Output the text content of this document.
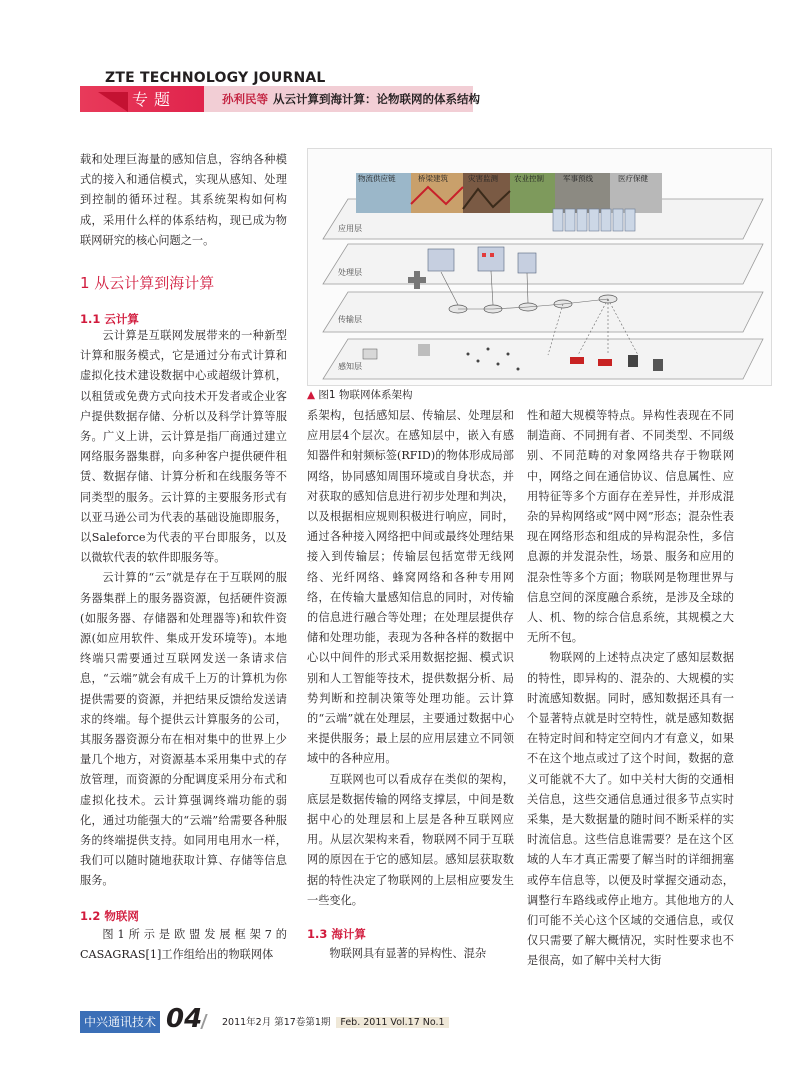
ZTE TECHNOLOGY JOURNAL
专题	孙利民等 从云计算到海计算：论物联网的体系结构

载和处理巨海量的感知信息，容纳各种模式的接入和通信模式，实现从感知、处理到控制的循环过程。其系统架构如何构成，采用什么样的体系结构，现已成为物联网研究的核心问题之一。

1 从云计算到海计算
1.1 云计算

云计算是互联网发展带来的一种新型计算和服务模式，它是通过分布式计算和虚拟化技术建设数据中心或超级计算机，以租赁或免费方式向技术开发者或企业客户提供数据存储、分析以及科学计算等服务。广义上讲，云计算是指厂商通过建立网络服务器集群，向多种客户提供硬件租赁、数据存储、计算分析和在线服务等不同类型的服务。云计算的主要服务形式有以亚马逊公司为代表的基础设施即服务，以Saleforce为代表的平台即服务，以及以微软代表的软件即服务等。

云计算的“云”就是存在于互联网的服务器集群上的服务器资源，包括硬件资源(如服务器、存储器和处理器等)和软件资源(如应用软件、集成开发环境等)。本地终端只需要通过互联网发送一条请求信息，“云端”就会有成千上万的计算机为你提供需要的资源，并把结果反馈给发送请求的终端。每个提供云计算服务的公司，其服务器资源分布在相对集中的世界上少量几个地方，对资源基本采用集中式的存放管理，而资源的分配调度采用分布式和虚拟化技术。云计算强调终端功能的弱化，通过功能强大的“云端”给需要各种服务的终端提供支持。如同用电用水一样，我们可以随时随地获取计算、存储等信息服务。

1.2 物联网

图1所示是欧盟发展框架7的CASAGRAS[1]工作组给出的物联网体

应用层
处理层
传输层
感知层
物流供应链	桥梁建筑	灾害监测 农业控制	军事预线	医疗保健
▲ 图1 物联网体系架构

系架构，包括感知层、传输层、处理层和应用层4个层次。在感知层中，嵌入有感知器件和射频标签(RFID)的物体形成局部网络，协同感知周围环境或自身状态，并对获取的感知信息进行初步处理和判决，以及根据相应规则积极进行响应，同时，通过各种接入网络把中间或最终处理结果接入到传输层；传输层包括宽带无线网络、光纤网络、蜂窝网络和各种专用网络，在传输大量感知信息的同时，对传输的信息进行融合等处理；在处理层提供存储和处理功能，表现为各种各样的数据中心以中间件的形式采用数据挖掘、模式识别和人工智能等技术，提供数据分析、局势判断和控制决策等处理功能。云计算的“云端”就在处理层，主要通过数据中心来提供服务；最上层的应用层建立不同领域中的各种应用。

互联网也可以看成存在类似的架构，底层是数据传输的网络支撑层，中间是数据中心的处理层和上层是各种互联网应用。从层次架构来看，物联网不同于互联网的原因在于它的感知层。感知层获取数据的特性决定了物联网的上层相应要发生一些变化。

1.3 海计算

物联网具有显著的异构性、混杂

性和超大规模等特点。异构性表现在不同制造商、不同拥有者、不同类型、不同级别、不同范畴的对象网络共存于物联网中，网络之间在通信协议、信息属性、应用特征等多个方面存在差异性，并形成混杂的异构网络或“网中网”形态；混杂性表现在网络形态和组成的异构混杂性，多信息源的并发混杂性，场景、服务和应用的混杂性等多个方面；物联网是物理世界与信息空间的深度融合系统，是涉及全球的人、机、物的综合信息系统，其规模之大无所不包。

物联网的上述特点决定了感知层数据的特性，即异构的、混杂的、大规模的实时流感知数据。同时，感知数据还具有一个显著特点就是时空特性，就是感知数据在特定时间和特定空间内才有意义，如果不在这个地点或过了这个时间，数据的意义可能就不大了。如中关村大街的交通相关信息，这些交通信息通过很多节点实时采集，是大数据量的随时间不断采样的实时流信息。这些信息谁需要？是在这个区域的人车才真正需要了解当时的详细拥塞或停车信息等，以便及时掌握交通动态，调整行车路线或停止地方。其他地方的人们可能不关心这个区域的交通信息，或仅仅只需要了解大概情况，实时性要求也不是很高，如了解中关村大街

中兴通讯技术 04 2011年2月 第17卷第1期 Feb. 2011 Vol.17 No.1
